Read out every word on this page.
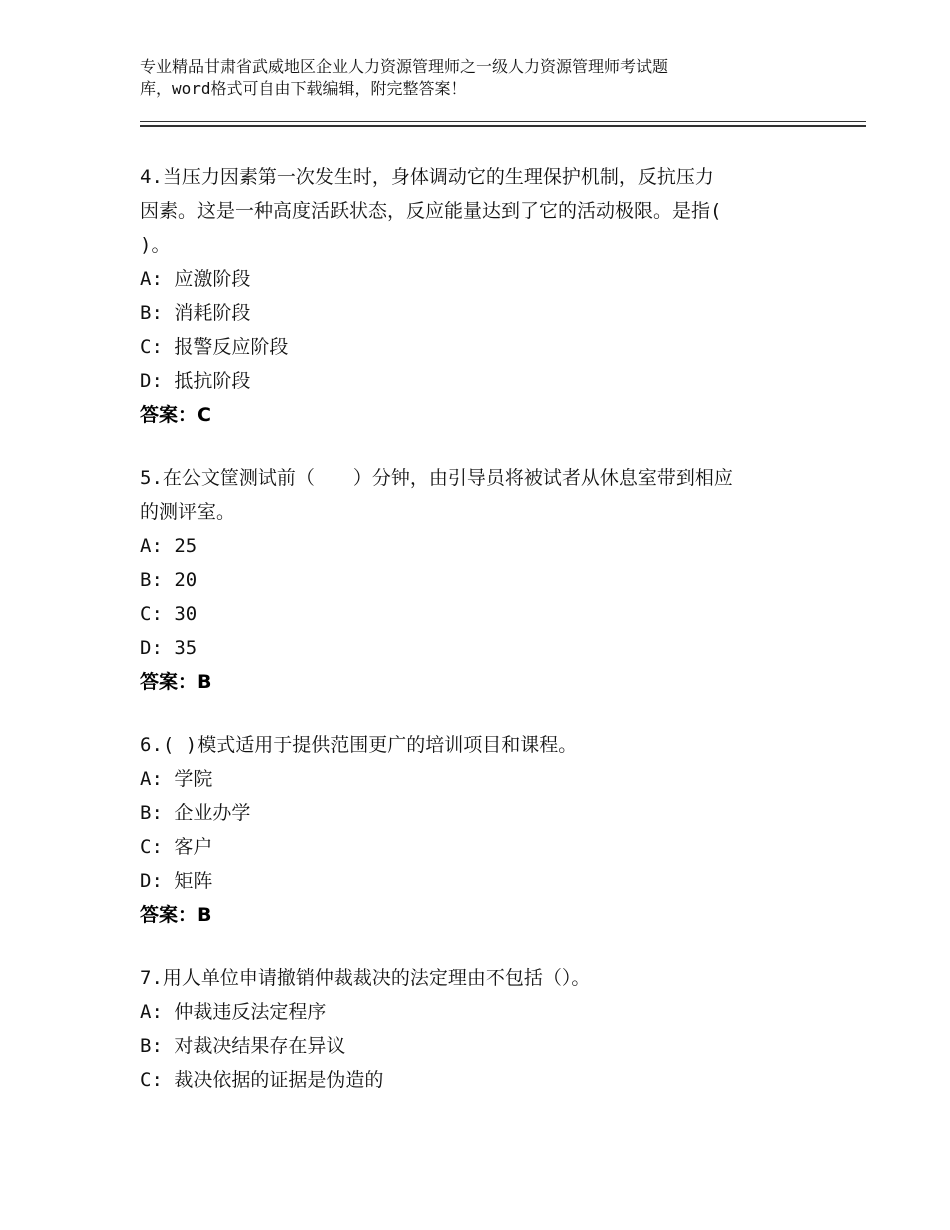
专业精品甘肃省武威地区企业人力资源管理师之一级人力资源管理师考试题
库，word格式可自由下载编辑，附完整答案！
4.当压力因素第一次发生时，身体调动它的生理保护机制，反抗压力
因素。这是一种高度活跃状态，反应能量达到了它的活动极限。是指(
)。
A: 应激阶段
B: 消耗阶段
C: 报警反应阶段
D: 抵抗阶段
答案：C
5.在公文筐测试前（　　）分钟，由引导员将被试者从休息室带到相应
的测评室。
A: 25
B: 20
C: 30
D: 35
答案：B
6.( )模式适用于提供范围更广的培训项目和课程。
A: 学院
B: 企业办学
C: 客户
D: 矩阵
答案：B
7.用人单位申请撤销仲裁裁决的法定理由不包括（）。
A: 仲裁违反法定程序
B: 对裁决结果存在异议
C: 裁决依据的证据是伪造的
